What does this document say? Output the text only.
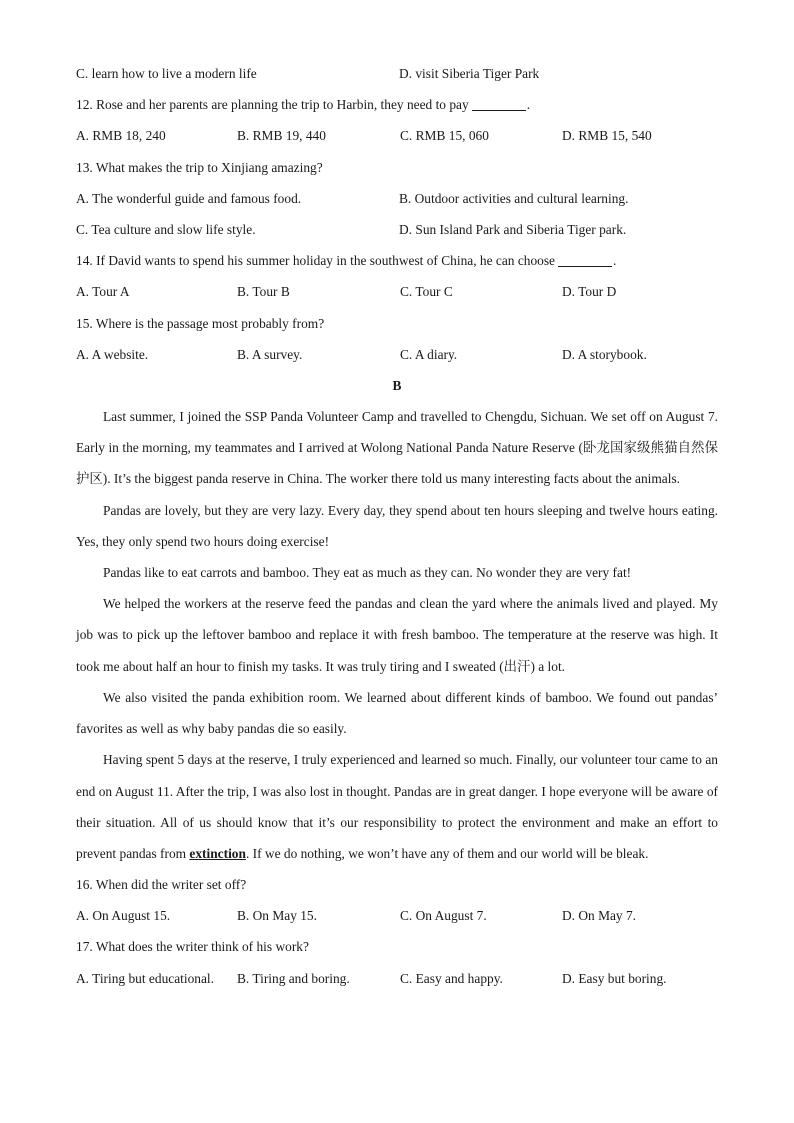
C. learn how to live a modern life	D. visit Siberia Tiger Park
12. Rose and her parents are planning the trip to Harbin, they need to pay	.
A. RMB 18, 240	B. RMB 19, 440	C. RMB 15, 060	D. RMB 15, 540
13. What makes the trip to Xinjiang amazing?
A. The wonderful guide and famous food.	B. Outdoor activities and cultural learning.
C. Tea culture and slow life style.	D. Sun Island Park and Siberia Tiger park.
14. If David wants to spend his summer holiday in the southwest of China, he can choose	.
A. Tour A	B. Tour B	C. Tour C	D. Tour D
15. Where is the passage most probably from?
A. A website.	B. A survey.	C. A diary.	D. A storybook.
B

Last summer, I joined the SSP Panda Volunteer Camp and travelled to Chengdu, Sichuan. We set off on August 7. Early in the morning, my teammates and I arrived at Wolong National Panda Nature Reserve (卧龙国家级熊猫自然保护区). It’s the biggest panda reserve in China. The worker there told us many interesting facts about the animals.

Pandas are lovely, but they are very lazy. Every day, they spend about ten hours sleeping and twelve hours eating. Yes, they only spend two hours doing exercise!

Pandas like to eat carrots and bamboo. They eat as much as they can. No wonder they are very fat!

We helped the workers at the reserve feed the pandas and clean the yard where the animals lived and played. My job was to pick up the leftover bamboo and replace it with fresh bamboo. The temperature at the reserve was high. It took me about half an hour to finish my tasks. It was truly tiring and I sweated (出汗) a lot.

We also visited the panda exhibition room. We learned about different kinds of bamboo. We found out pandas’ favorites as well as why baby pandas die so easily.

Having spent 5 days at the reserve, I truly experienced and learned so much. Finally, our volunteer tour came to an end on August 11. After the trip, I was also lost in thought. Pandas are in great danger. I hope everyone will be aware of their situation. All of us should know that it’s our responsibility to protect the environment and make an effort to prevent pandas from extinction. If we do nothing, we won’t have any of them and our world will be bleak.

16. When did the writer set off?
A. On August 15.	B. On May 15.	C. On August 7.	D. On May 7.
17. What does the writer think of his work?
A. Tiring but educational. B. Tiring and boring.	C. Easy and happy.	D. Easy but boring.
